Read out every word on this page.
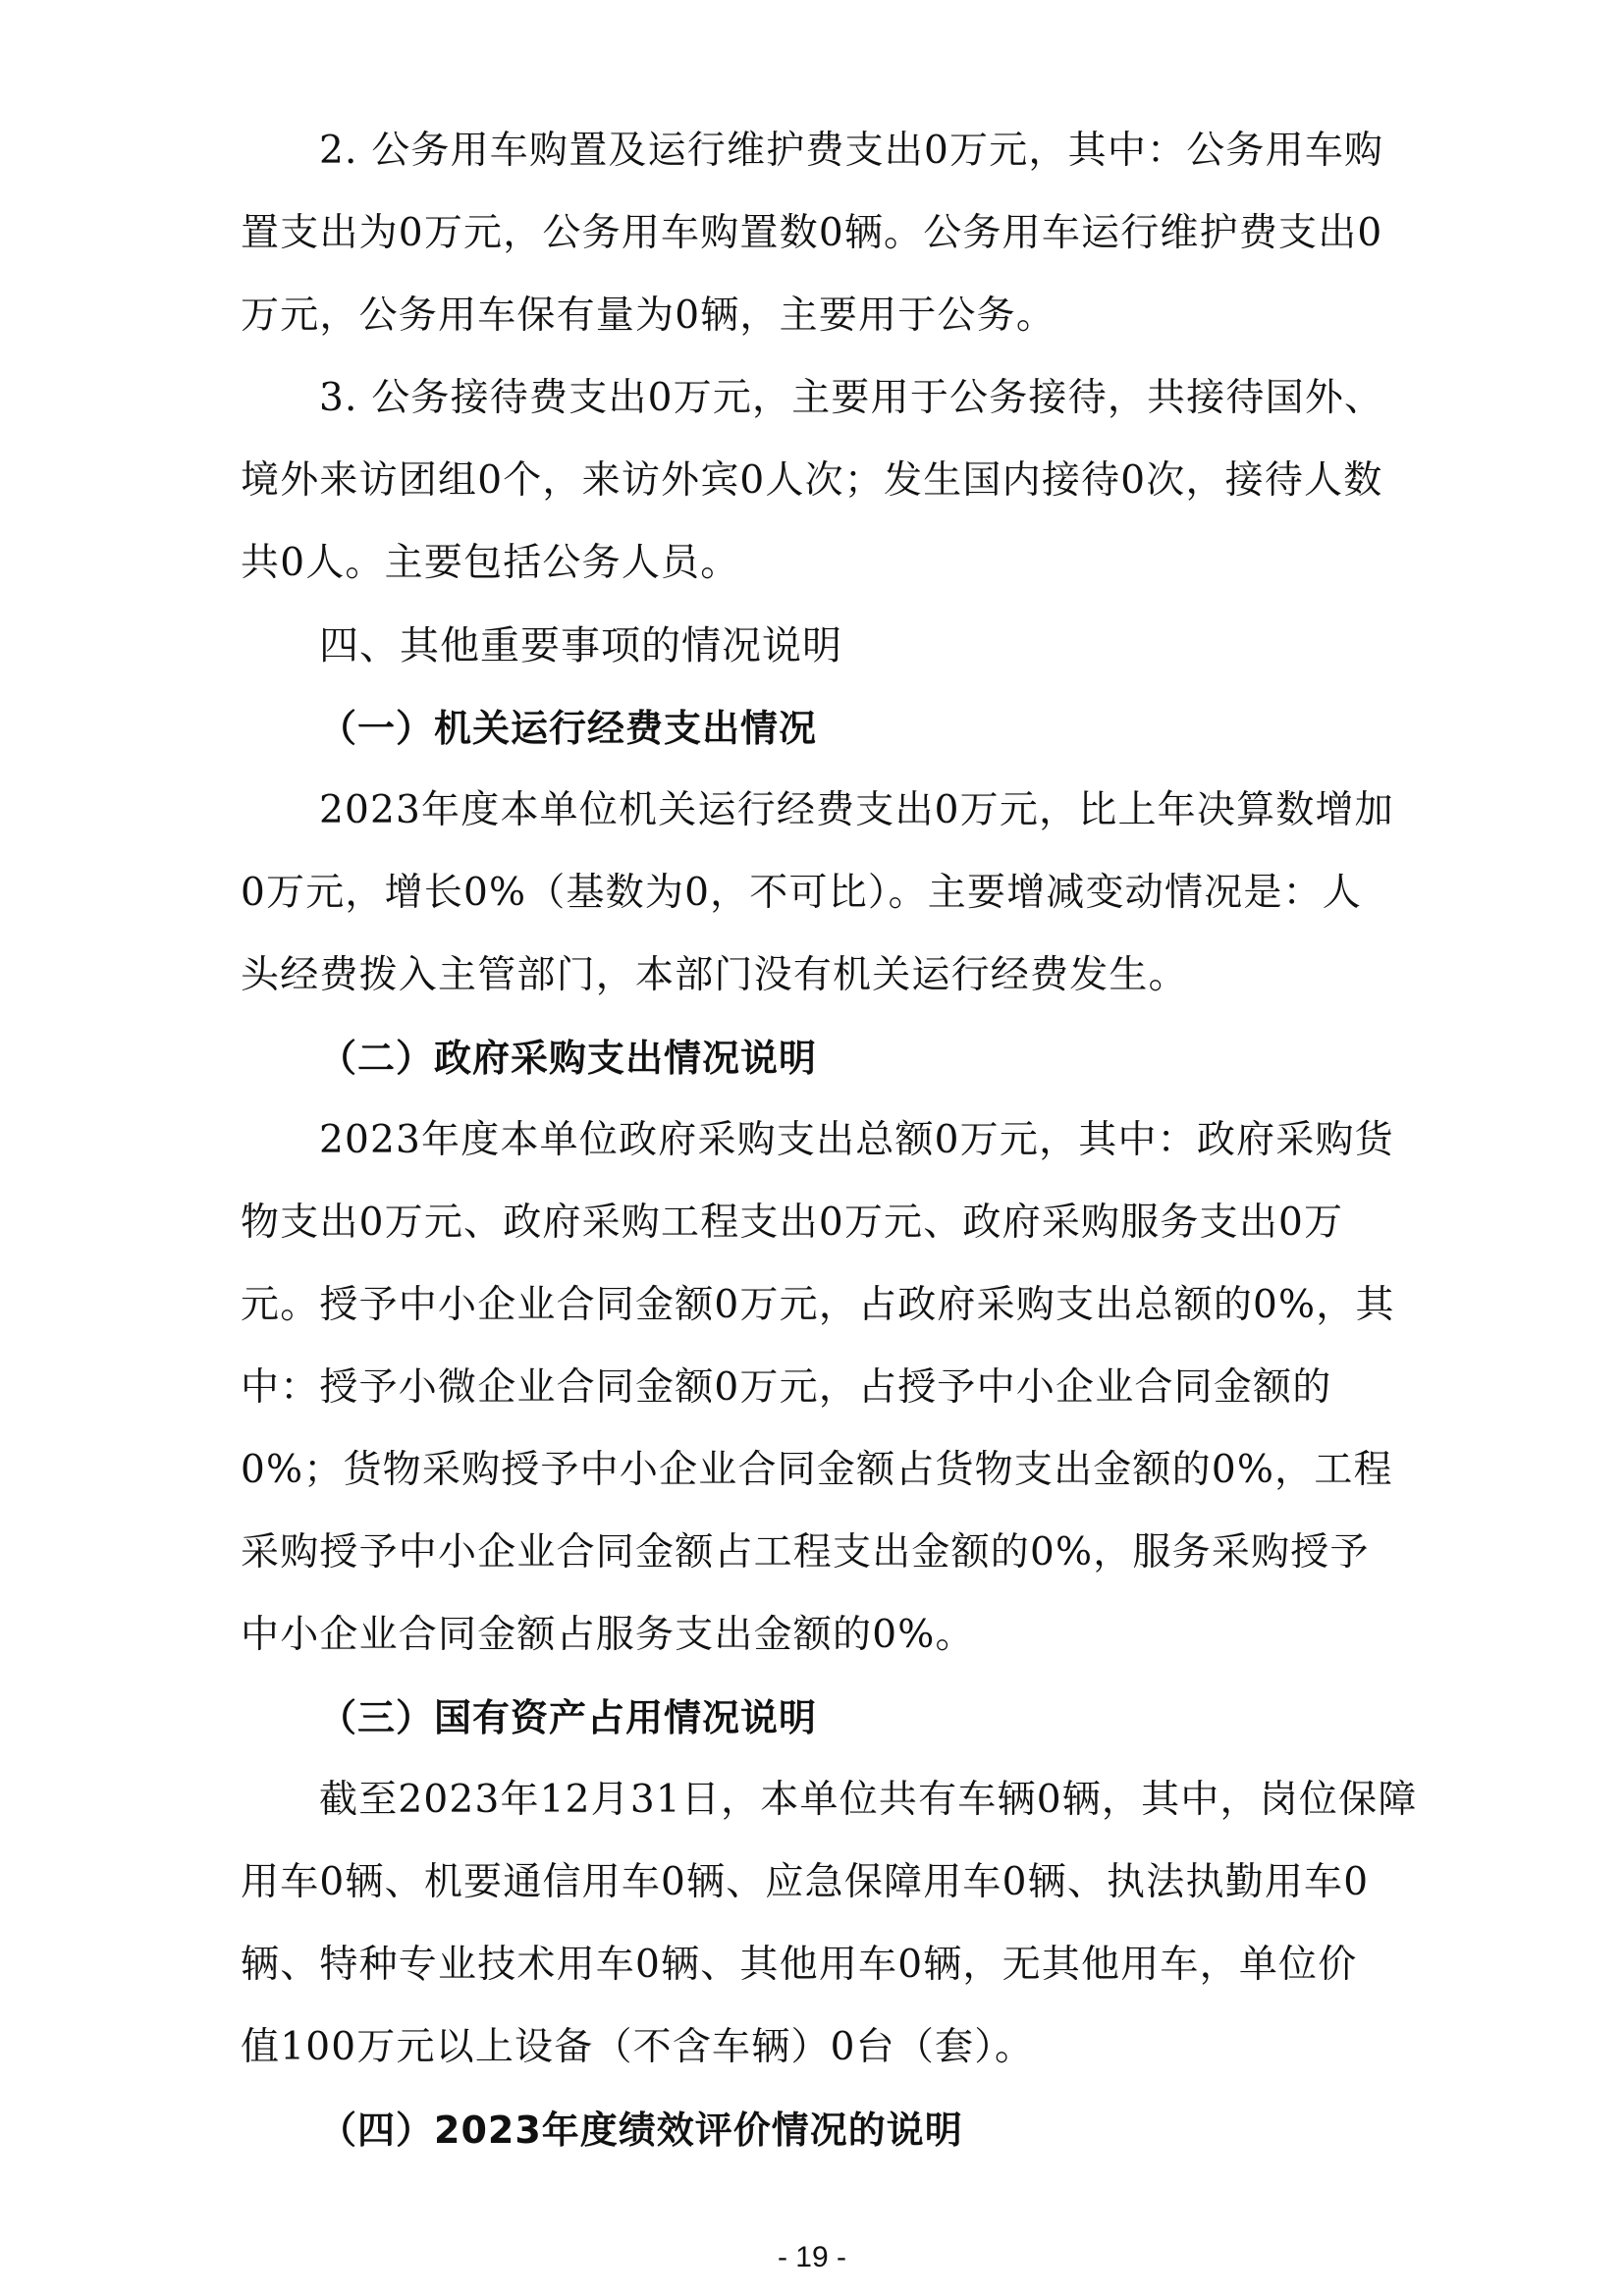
2. 公务用车购置及运行维护费支出0万元，其中：公务用车购
置支出为0万元，公务用车购置数0辆。公务用车运行维护费支出0
万元，公务用车保有量为0辆，主要用于公务。
3. 公务接待费支出0万元，主要用于公务接待，共接待国外、
境外来访团组0个，来访外宾0人次；发生国内接待0次，接待人数
共0人。主要包括公务人员。
四、其他重要事项的情况说明
（一）机关运行经费支出情况
2023年度本单位机关运行经费支出0万元，比上年决算数增加
0万元，增长0%（基数为0，不可比）。主要增减变动情况是：人
头经费拨入主管部门，本部门没有机关运行经费发生。
（二）政府采购支出情况说明
2023年度本单位政府采购支出总额0万元，其中：政府采购货
物支出0万元、政府采购工程支出0万元、政府采购服务支出0万
元。授予中小企业合同金额0万元，占政府采购支出总额的0%，其
中：授予小微企业合同金额0万元，占授予中小企业合同金额的
0%；货物采购授予中小企业合同金额占货物支出金额的0%，工程
采购授予中小企业合同金额占工程支出金额的0%，服务采购授予
中小企业合同金额占服务支出金额的0%。
（三）国有资产占用情况说明
截至2023年12月31日，本单位共有车辆0辆，其中，岗位保障
用车0辆、机要通信用车0辆、应急保障用车0辆、执法执勤用车0
辆、特种专业技术用车0辆、其他用车0辆，无其他用车，单位价
值100万元以上设备（不含车辆）0台（套）。
（四）2023年度绩效评价情况的说明
- 19 -
